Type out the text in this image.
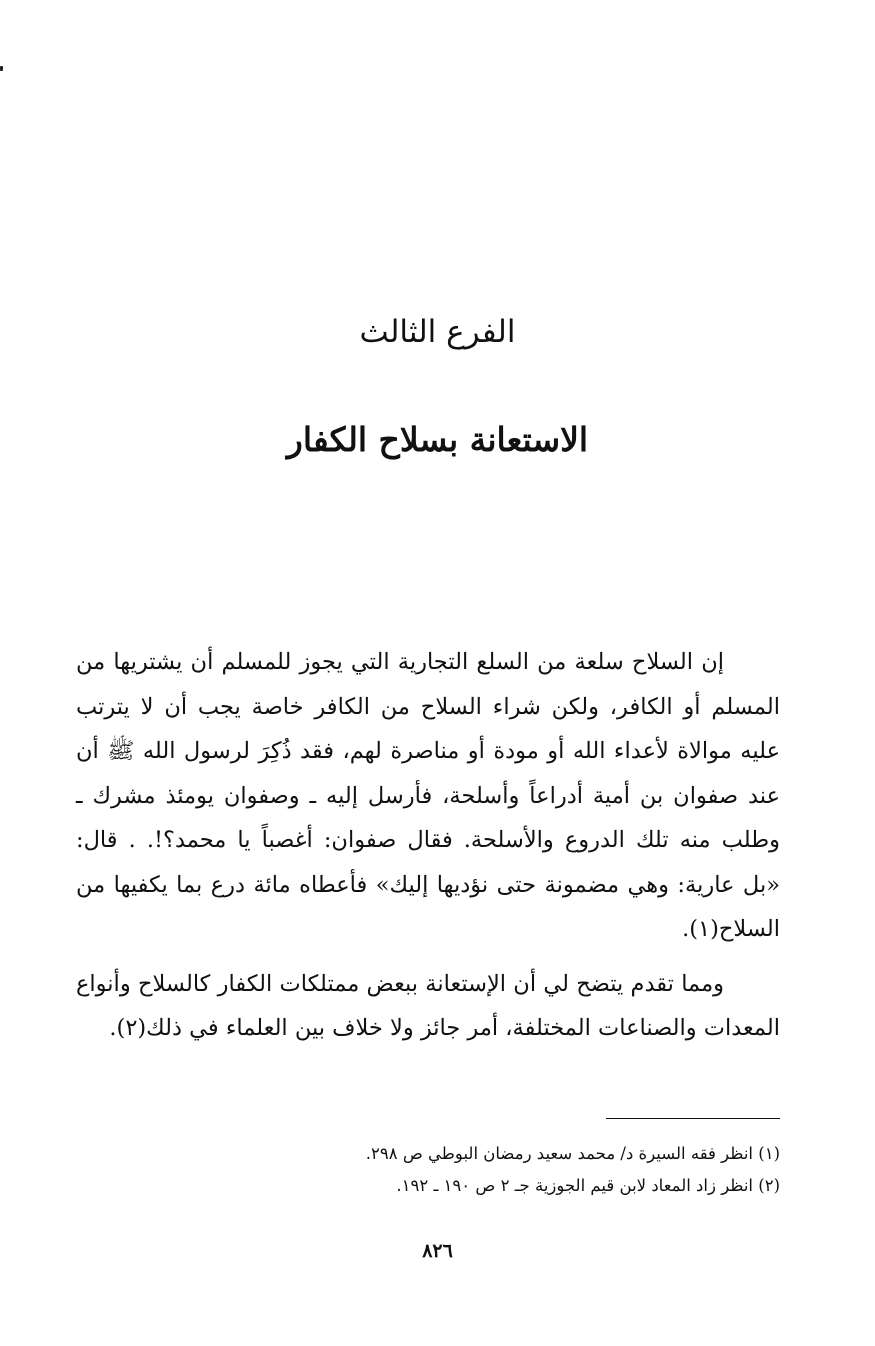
الفرع الثالث
الاستعانة بسلاح الكفار

إن السلاح سلعة من السلع التجارية التي يجوز للمسلم أن يشتريها من المسلم أو الكافر، ولكن شراء السلاح من الكافر خاصة يجب أن لا يترتب عليه موالاة لأعداء الله أو مودة أو مناصرة لهم، فقد ذُكِرَ لرسول الله ﷺ أن عند صفوان بن أمية أدراعاً وأسلحة، فأرسل إليه ـ وصفوان يومئذ مشرك ـ وطلب منه تلك الدروع والأسلحة. فقال صفوان: أغصباً يا محمد؟!. . قال: «بل عارية: وهي مضمونة حتى نؤديها إليك» فأعطاه مائة درع بما يكفيها من السلاح(١).

ومما تقدم يتضح لي أن الإستعانة ببعض ممتلكات الكفار كالسلاح وأنواع المعدات والصناعات المختلفة، أمر جائز ولا خلاف بين العلماء في ذلك(٢).

(١) انظر فقه السيرة د/ محمد سعيد رمضان البوطي ص ٢٩٨.
(٢) انظر زاد المعاد لابن قيم الجوزية جـ ٢ ص ١٩٠ ـ ١٩٢.
٨٢٦
